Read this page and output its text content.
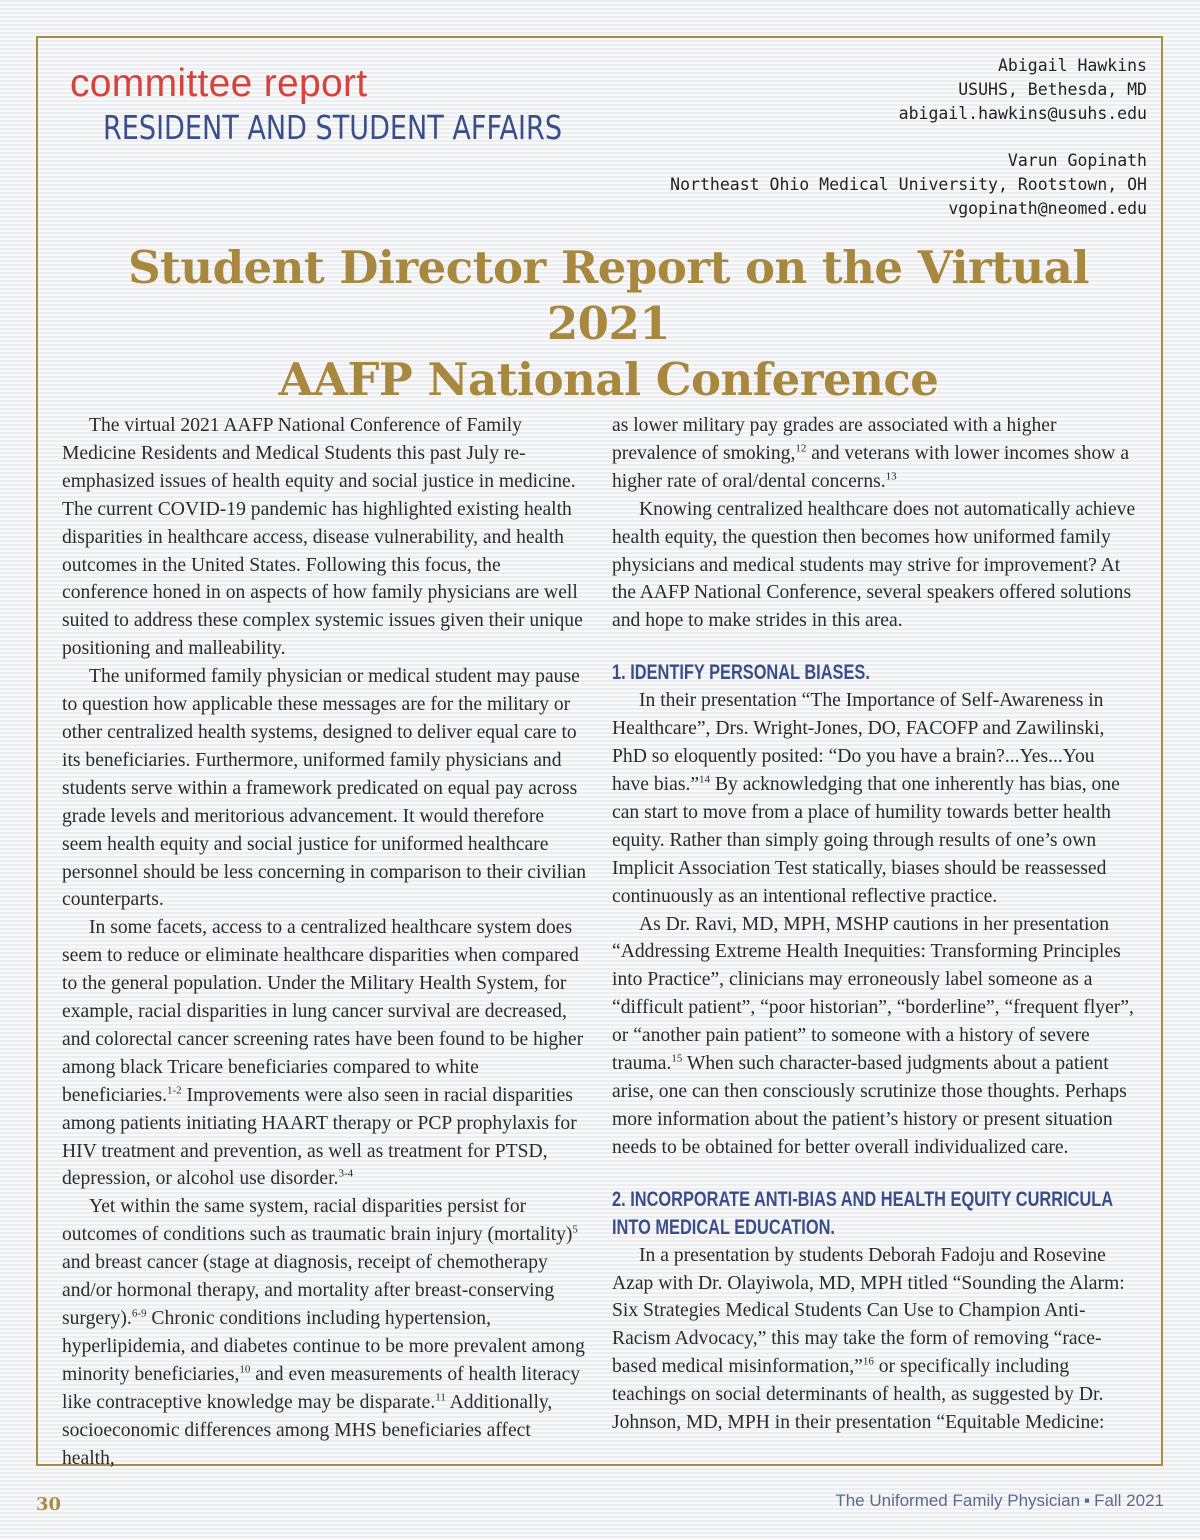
committee report
RESIDENT AND STUDENT AFFAIRS
Abigail Hawkins
USUHS, Bethesda, MD
abigail.hawkins@usuhs.edu
Varun Gopinath
Northeast Ohio Medical University, Rootstown, OH
vgopinath@neomed.edu
Student Director Report on the Virtual 2021
AAFP National Conference

The virtual 2021 AAFP National Conference of Family Medicine Residents and Medical Students this past July re-emphasized issues of health equity and social justice in medicine. The current COVID-19 pandemic has highlighted existing health disparities in healthcare access, disease vulnerability, and health outcomes in the United States. Following this focus, the conference honed in on aspects of how family physicians are well suited to address these complex systemic issues given their unique positioning and malleability.

The uniformed family physician or medical student may pause to question how applicable these messages are for the military or other centralized health systems, designed to deliver equal care to its beneficiaries. Furthermore, uniformed family physicians and students serve within a framework predicated on equal pay across grade levels and meritorious advancement. It would therefore seem health equity and social justice for uniformed healthcare personnel should be less concerning in comparison to their civilian counterparts.

In some facets, access to a centralized healthcare system does seem to reduce or eliminate healthcare disparities when compared to the general population. Under the Military Health System, for example, racial disparities in lung cancer survival are decreased, and colorectal cancer screening rates have been found to be higher among black Tricare beneficiaries compared to white beneficiaries.$^{1-2}$ Improvements were also seen in racial disparities among patients initiating HAART therapy or PCP prophylaxis for HIV treatment and prevention, as well as treatment for PTSD, depression, or alcohol use disorder.$^{3-4}$

Yet within the same system, racial disparities persist for outcomes of conditions such as traumatic brain injury (mortality)$^5$ and breast cancer (stage at diagnosis, receipt of chemotherapy and/or hormonal therapy, and mortality after breast-conserving surgery).$^{6-9}$ Chronic conditions including hypertension, hyperlipidemia, and diabetes continue to be more prevalent among minority beneficiaries,$^{10}$ and even measurements of health literacy like contraceptive knowledge may be disparate.$^{11}$ Additionally, socioeconomic differences among MHS beneficiaries affect health,

as lower military pay grades are associated with a higher prevalence of smoking,$^{12}$ and veterans with lower incomes show a higher rate of oral/dental concerns.$^{13}$

Knowing centralized healthcare does not automatically achieve health equity, the question then becomes how uniformed family physicians and medical students may strive for improvement? At the AAFP National Conference, several speakers offered solutions and hope to make strides in this area.

1. IDENTIFY PERSONAL BIASES.

In their presentation “The Importance of Self-Awareness in Healthcare”, Drs. Wright-Jones, DO, FACOFP and Zawilinski, PhD so eloquently posited: “Do you have a brain?...Yes...You have bias.”$^{14}$ By acknowledging that one inherently has bias, one can start to move from a place of humility towards better health equity. Rather than simply going through results of one’s own Implicit Association Test statically, biases should be reassessed continuously as an intentional reflective practice.

As Dr. Ravi, MD, MPH, MSHP cautions in her presentation “Addressing Extreme Health Inequities: Transforming Principles into Practice”, clinicians may erroneously label someone as a “difficult patient”, “poor historian”, “borderline”, “frequent flyer”, or “another pain patient” to someone with a history of severe trauma.$^{15}$ When such character-based judgments about a patient arise, one can then consciously scrutinize those thoughts. Perhaps more information about the patient’s history or present situation needs to be obtained for better overall individualized care.

2. INCORPORATE ANTI-BIAS AND HEALTH EQUITY CURRICULA INTO MEDICAL EDUCATION.

In a presentation by students Deborah Fadoju and Rosevine Azap with Dr. Olayiwola, MD, MPH titled “Sounding the Alarm: Six Strategies Medical Students Can Use to Champion Anti-Racism Advocacy,” this may take the form of removing “race-based medical misinformation,”$^{16}$ or specifically including teachings on social determinants of health, as suggested by Dr. Johnson, MD, MPH in their presentation “Equitable Medicine:

30	The Uniformed Family Physician ▪ Fall 2021
